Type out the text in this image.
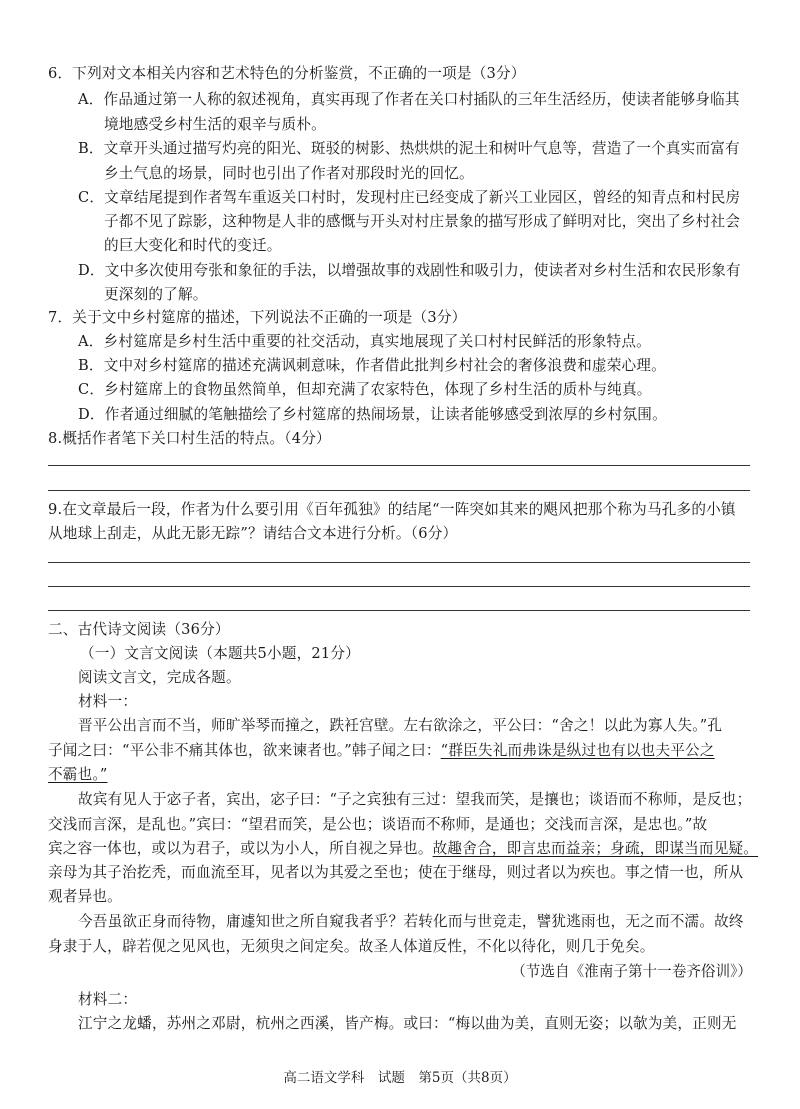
6．下列对文本相关内容和艺术特色的分析鉴赏，不正确的一项是（3分）
A．作品通过第一人称的叙述视角，真实再现了作者在关口村插队的三年生活经历，使读者能够身临其
境地感受乡村生活的艰辛与质朴。
B．文章开头通过描写灼亮的阳光、斑驳的树影、热烘烘的泥土和树叶气息等，营造了一个真实而富有
乡土气息的场景，同时也引出了作者对那段时光的回忆。
C．文章结尾提到作者驾车重返关口村时，发现村庄已经变成了新兴工业园区，曾经的知青点和村民房
子都不见了踪影，这种物是人非的感慨与开头对村庄景象的描写形成了鲜明对比，突出了乡村社会
的巨大变化和时代的变迁。
D．文中多次使用夸张和象征的手法，以增强故事的戏剧性和吸引力，使读者对乡村生活和农民形象有
更深刻的了解。
7．关于文中乡村筵席的描述，下列说法不正确的一项是（3分）
A．乡村筵席是乡村生活中重要的社交活动，真实地展现了关口村村民鲜活的形象特点。
B．文中对乡村筵席的描述充满讽刺意味，作者借此批判乡村社会的奢侈浪费和虚荣心理。
C．乡村筵席上的食物虽然简单，但却充满了农家特色，体现了乡村生活的质朴与纯真。
D．作者通过细腻的笔触描绘了乡村筵席的热闹场景，让读者能够感受到浓厚的乡村氛围。
8.概括作者笔下关口村生活的特点。（4分）
9.在文章最后一段，作者为什么要引用《百年孤独》的结尾“一阵突如其来的飓风把那个称为马孔多的小镇
从地球上刮走，从此无影无踪”？请结合文本进行分析。（6分）
二、古代诗文阅读（36分）
（一）文言文阅读（本题共5小题，21分）
阅读文言文，完成各题。
材料一：
晋平公出言而不当，师旷举琴而撞之，跌衽宫壁。左右欲涂之，平公曰：“舍之！以此为寡人失。”孔
子闻之曰：“平公非不痛其体也，欲来谏者也。”韩子闻之曰：“群臣失礼而弗诛是纵过也有以也夫平公之
不霸也。”
故宾有见人于宓子者，宾出，宓子曰：“子之宾独有三过：望我而笑，是攘也；谈语而不称师，是反也；
交浅而言深，是乱也。”宾曰：“望君而笑，是公也；谈语而不称师，是通也；交浅而言深，是忠也。”故
宾之容一体也，或以为君子，或以为小人，所自视之异也。故趣舍合，即言忠而益亲；身疏，即谋当而见疑。
亲母为其子治扢秃，而血流至耳，见者以为其爱之至也；使在于继母，则过者以为疾也。事之情一也，所从
观者异也。
今吾虽欲正身而待物，庸遽知世之所自窥我者乎？若转化而与世竞走，譬犹逃雨也，无之而不濡。故终
身隶于人，辟若伣之见风也，无须臾之间定矣。故圣人体道反性，不化以待化，则几于免矣。
（节选自《淮南子第十一卷齐俗训》）
材料二：
江宁之龙蟠，苏州之邓尉，杭州之西溪，皆产梅。或曰：“梅以曲为美，直则无姿；以欹为美，正则无
高二语文学科　试题　第5页（共8页）
